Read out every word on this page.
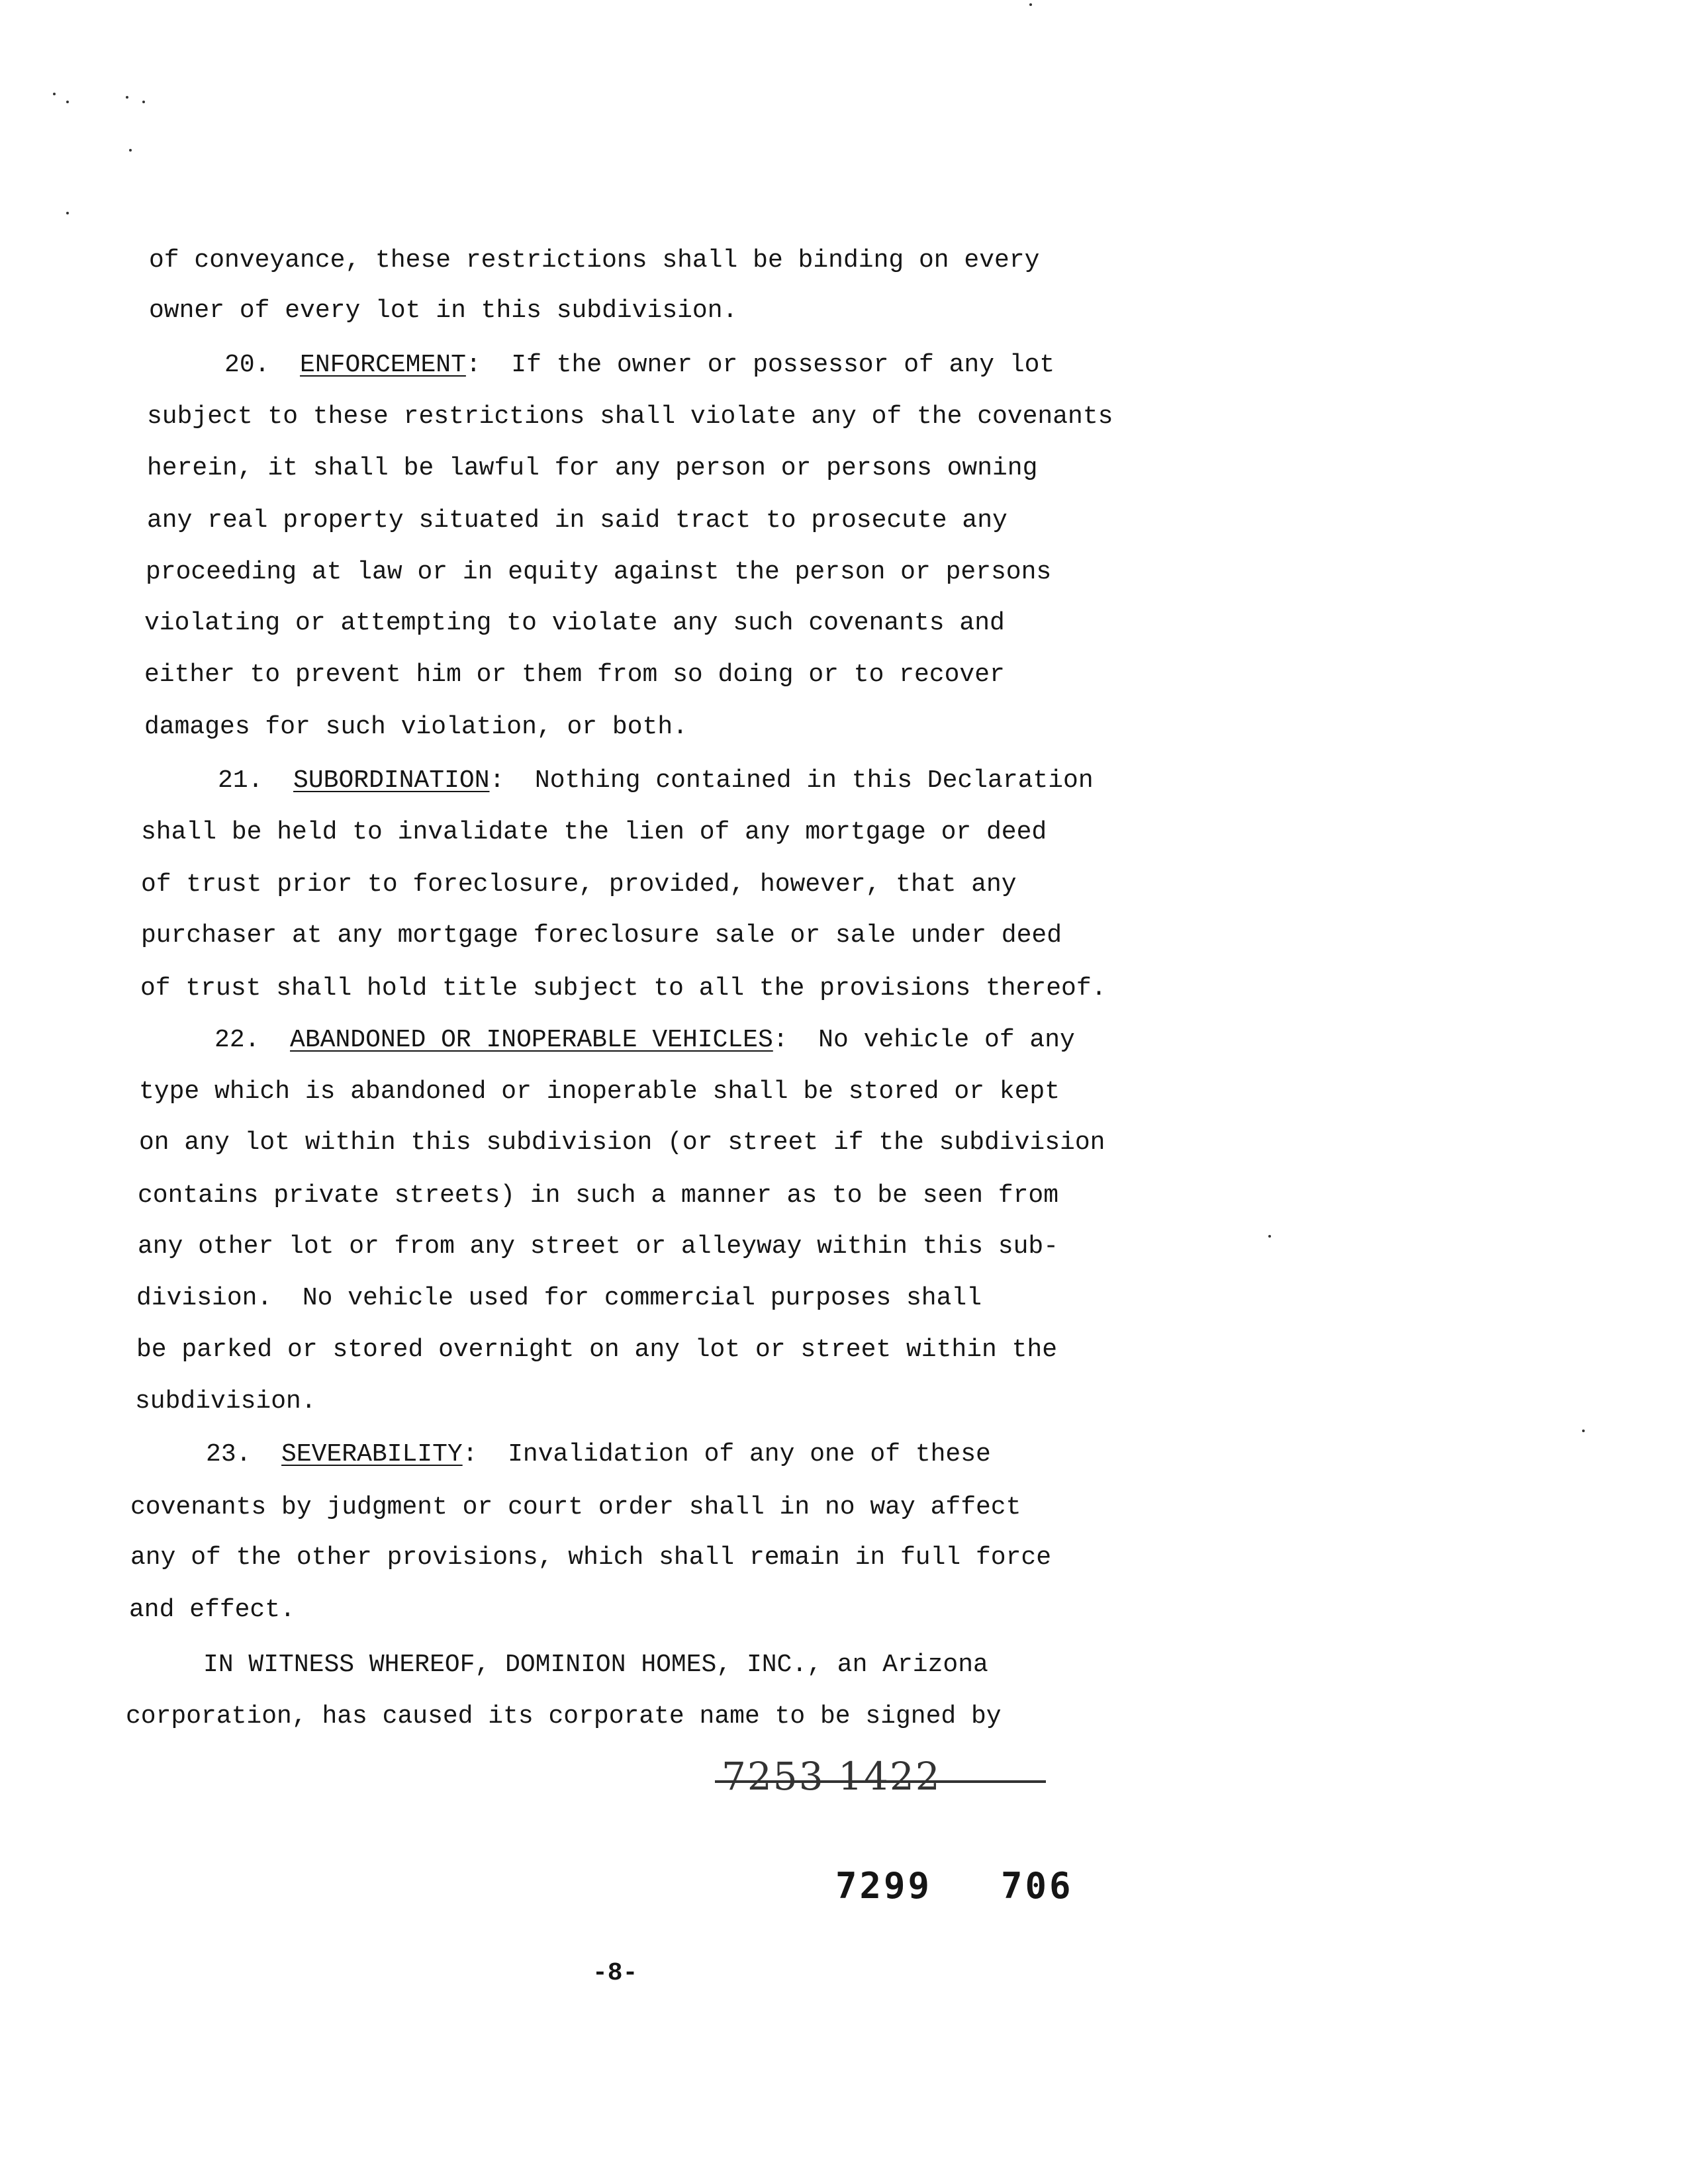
of conveyance, these restrictions shall be binding on every
owner of every lot in this subdivision.
20.  ENFORCEMENT:  If the owner or possessor of any lot
subject to these restrictions shall violate any of the covenants
herein, it shall be lawful for any person or persons owning
any real property situated in said tract to prosecute any
proceeding at law or in equity against the person or persons
violating or attempting to violate any such covenants and
either to prevent him or them from so doing or to recover
damages for such violation, or both.
21.  SUBORDINATION:  Nothing contained in this Declaration
shall be held to invalidate the lien of any mortgage or deed
of trust prior to foreclosure, provided, however, that any
purchaser at any mortgage foreclosure sale or sale under deed
of trust shall hold title subject to all the provisions thereof.
22.  ABANDONED OR INOPERABLE VEHICLES:  No vehicle of any
type which is abandoned or inoperable shall be stored or kept
on any lot within this subdivision (or street if the subdivision
contains private streets) in such a manner as to be seen from
any other lot or from any street or alleyway within this sub-
division.  No vehicle used for commercial purposes shall
be parked or stored overnight on any lot or street within the
subdivision.
23.  SEVERABILITY:  Invalidation of any one of these
covenants by judgment or court order shall in no way affect
any of the other provisions, which shall remain in full force
and effect.
IN WITNESS WHEREOF, DOMINION HOMES, INC., an Arizona
corporation, has caused its corporate name to be signed by
7253 1422
7299 706
-8-
